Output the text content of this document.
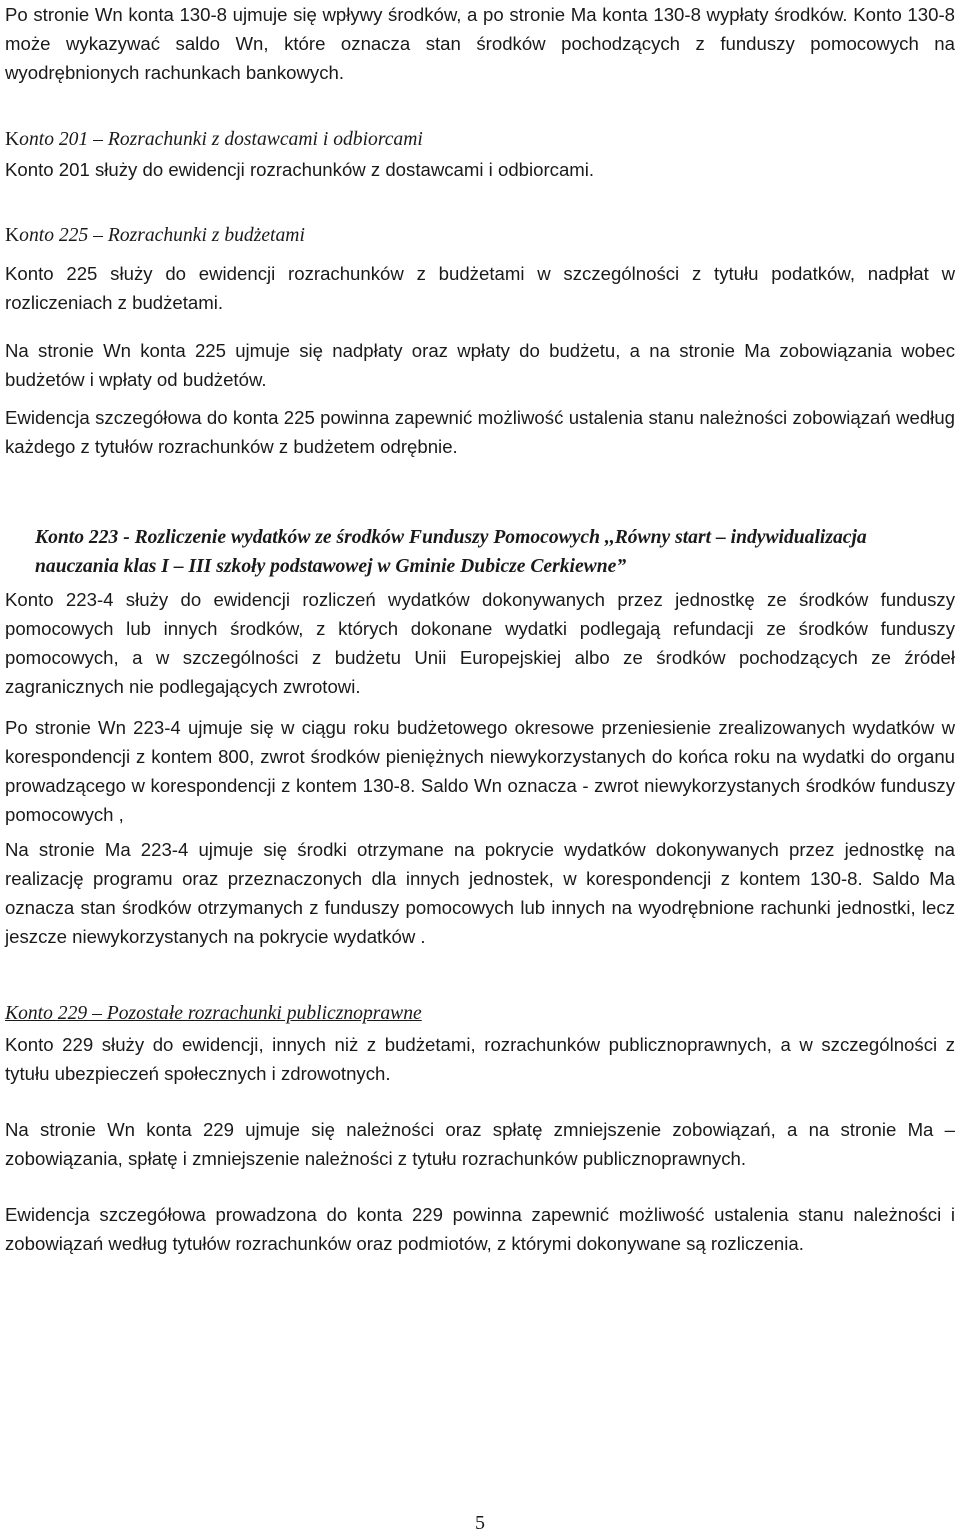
Po stronie Wn konta 130-8 ujmuje się wpływy środków, a po stronie Ma konta 130-8 wypłaty środków. Konto 130-8 może wykazywać saldo Wn, które oznacza stan środków pochodzących z funduszy pomocowych na wyodrębnionych rachunkach bankowych.

Konto 201 – Rozrachunki z dostawcami i odbiorcami

Konto 201 służy do ewidencji rozrachunków z dostawcami i odbiorcami.

Konto 225 – Rozrachunki z budżetami

Konto 225 służy do ewidencji rozrachunków z budżetami w szczególności z tytułu podatków, nadpłat w rozliczeniach z budżetami.

Na stronie Wn konta 225 ujmuje się nadpłaty oraz wpłaty do budżetu, a na stronie Ma zobowiązania wobec budżetów i wpłaty od budżetów.

Ewidencja szczegółowa do konta 225 powinna zapewnić możliwość ustalenia stanu należności zobowiązań według każdego z tytułów rozrachunków z budżetem odrębnie.

Konto 223 - Rozliczenie wydatków ze środków Funduszy Pomocowych ,,Równy start – indywidualizacja nauczania klas I – III szkoły podstawowej w Gminie Dubicze Cerkiewne”

Konto 223-4 służy do ewidencji rozliczeń wydatków dokonywanych przez jednostkę ze środków funduszy pomocowych lub innych środków, z których dokonane wydatki podlegają refundacji ze środków funduszy pomocowych, a w szczególności z budżetu Unii Europejskiej albo ze środków pochodzących ze źródeł zagranicznych nie podlegających zwrotowi.

Po stronie Wn 223-4 ujmuje się w ciągu roku budżetowego okresowe przeniesienie zrealizowanych wydatków w korespondencji z kontem 800, zwrot środków pieniężnych niewykorzystanych do końca roku na wydatki do organu prowadzącego w korespondencji z kontem 130-8. Saldo Wn oznacza - zwrot niewykorzystanych środków funduszy pomocowych ,

Na stronie Ma 223-4 ujmuje się środki otrzymane na pokrycie wydatków dokonywanych przez jednostkę na realizację programu oraz przeznaczonych dla innych jednostek, w korespondencji z kontem 130-8. Saldo Ma oznacza stan środków otrzymanych z funduszy pomocowych lub innych na wyodrębnione rachunki jednostki, lecz jeszcze niewykorzystanych na pokrycie wydatków .

Konto 229 – Pozostałe rozrachunki publicznoprawne

Konto 229 służy do ewidencji, innych niż z budżetami, rozrachunków publicznoprawnych, a w szczególności z tytułu ubezpieczeń społecznych i zdrowotnych.

Na stronie Wn konta 229 ujmuje się należności oraz spłatę zmniejszenie zobowiązań, a na stronie Ma – zobowiązania, spłatę i zmniejszenie należności z tytułu rozrachunków publicznoprawnych.

Ewidencja szczegółowa prowadzona do konta 229 powinna zapewnić możliwość ustalenia stanu należności i zobowiązań według tytułów rozrachunków oraz podmiotów, z którymi dokonywane są rozliczenia.

5
